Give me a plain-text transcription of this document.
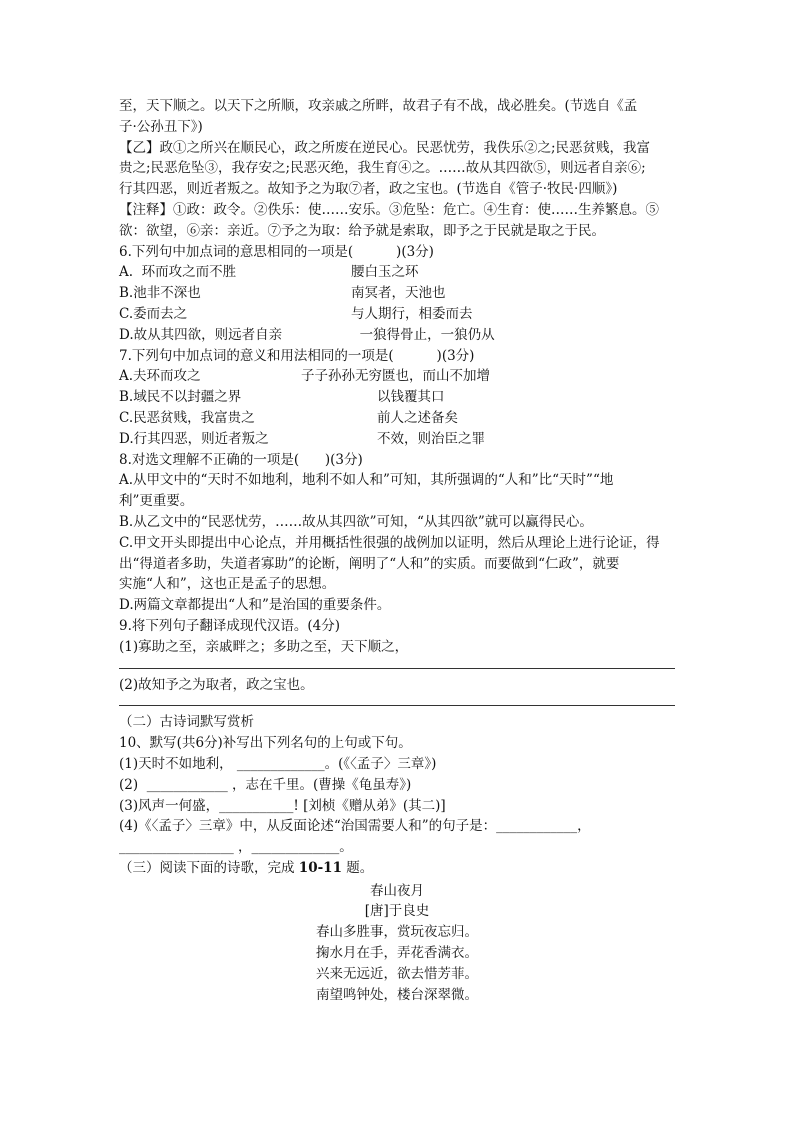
至，天下顺之。以天下之所顺，攻亲戚之所畔，故君子有不战，战必胜矣。(节选自《孟
子·公孙丑下》)
【乙】政①之所兴在顺民心，政之所废在逆民心。民恶忧劳，我佚乐②之;民恶贫贱，我富
贵之;民恶危坠③，我存安之;民恶灭绝，我生育④之。……故从其四欲⑤，则远者自亲⑥;
行其四恶，则近者叛之。故知予之为取⑦者，政之宝也。(节选自《管子·牧民·四顺》)
【注释】①政：政令。②佚乐：使……安乐。③危坠：危亡。④生育：使……生养繁息。⑤
欲：欲望，⑥亲：亲近。⑦予之为取：给予就是索取，即予之于民就是取之于民。
6.下列句中加点词的意思相同的一项是(          )(3分)
A.  环而攻之而不胜	腰白玉之环
B.池非不深也	南冥者，天池也
C.委而去之	与人期行，相委而去
D.故从其四欲，则远者自亲	一狼得骨止，一狼仍从
7.下列句中加点词的意义和用法相同的一项是(          )(3分)
A.夫环而攻之	子子孙孙无穷匮也，而山不加增
B.域民不以封疆之界	以钱覆其口
C.民恶贫贱，我富贵之	前人之述备矣
D.行其四恶，则近者叛之	不效，则治臣之罪
8.对选文理解不正确的一项是(      )(3分)
A.从甲文中的“天时不如地利，地利不如人和”可知，其所强调的“人和”比“天时”“地
利”更重要。
B.从乙文中的“民恶忧劳，……故从其四欲”可知，“从其四欲”就可以赢得民心。
C.甲文开头即提出中心论点，并用概括性很强的战例加以证明，然后从理论上进行论证，得
出“得道者多助，失道者寡助”的论断，阐明了“人和”的实质。而要做到“仁政”，就要
实施“人和”，这也正是孟子的思想。
D.两篇文章都提出“人和”是治国的重要条件。
9.将下列句子翻译成现代汉语。(4分)
(1)寡助之至，亲戚畔之；多助之至，天下顺之，
(2)故知予之为取者，政之宝也。
（二）古诗词默写赏析
10、默写(共6分)补写出下列名句的上句或下句。
(1)天时不如地利， _____________。(《〈孟子〉三章》)
(2)  ____________ ，志在千里。(曹操《龟虽寿》)
(3)风声一何盛，___________! [刘桢《赠从弟》(其二)]
(4)《〈孟子〉三章》中，从反面论述“治国需要人和”的句子是：____________，
_________________ ，_____________。
（三）阅读下面的诗歌，完成 10-11 题。
春山夜月
[唐]于良史
春山多胜事，赏玩夜忘归。
掬水月在手，弄花香满衣。
兴来无远近，欲去惜芳菲。
南望鸣钟处，楼台深翠微。
